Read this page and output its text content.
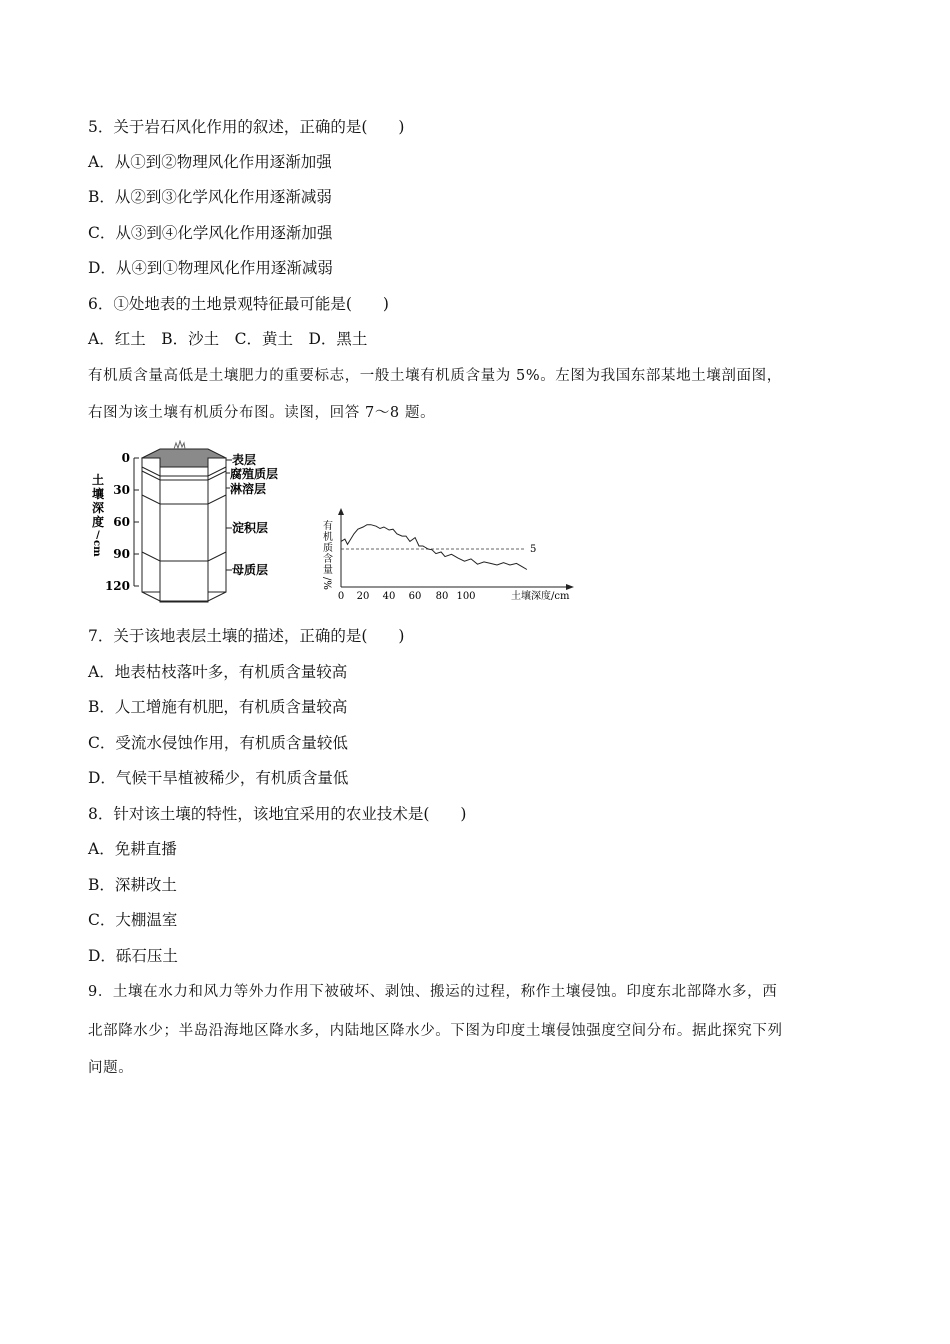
5．关于岩石风化作用的叙述，正确的是(　　)
A．从①到②物理风化作用逐渐加强
B．从②到③化学风化作用逐渐减弱
C．从③到④化学风化作用逐渐加强
D．从④到①物理风化作用逐渐减弱
6．①处地表的土地景观特征最可能是(　　)
A．红土　B．沙土　C．黄土　D．黑土
有机质含量高低是土壤肥力的重要标志，一般土壤有机质含量为 5%。左图为我国东部某地土壤剖面图，
右图为该土壤有机质分布图。读图，回答 7～8 题。
土
壤
深
度
/
cm
0
30
60
90
120
表层
腐殖质层
淋溶层
淀积层
母质层
有
机
质
含
量
/%
0 20 40 60 80 100	土壤深度/cm
5
7．关于该地表层土壤的描述，正确的是(　　)
A．地表枯枝落叶多，有机质含量较高
B．人工增施有机肥，有机质含量较高
C．受流水侵蚀作用，有机质含量较低
D．气候干旱植被稀少，有机质含量低
8．针对该土壤的特性，该地宜采用的农业技术是(　　)
A．免耕直播
B．深耕改土
C．大棚温室
D．砾石压土
9．土壤在水力和风力等外力作用下被破坏、剥蚀、搬运的过程，称作土壤侵蚀。印度东北部降水多，西
北部降水少；半岛沿海地区降水多，内陆地区降水少。下图为印度土壤侵蚀强度空间分布。据此探究下列
问题。
